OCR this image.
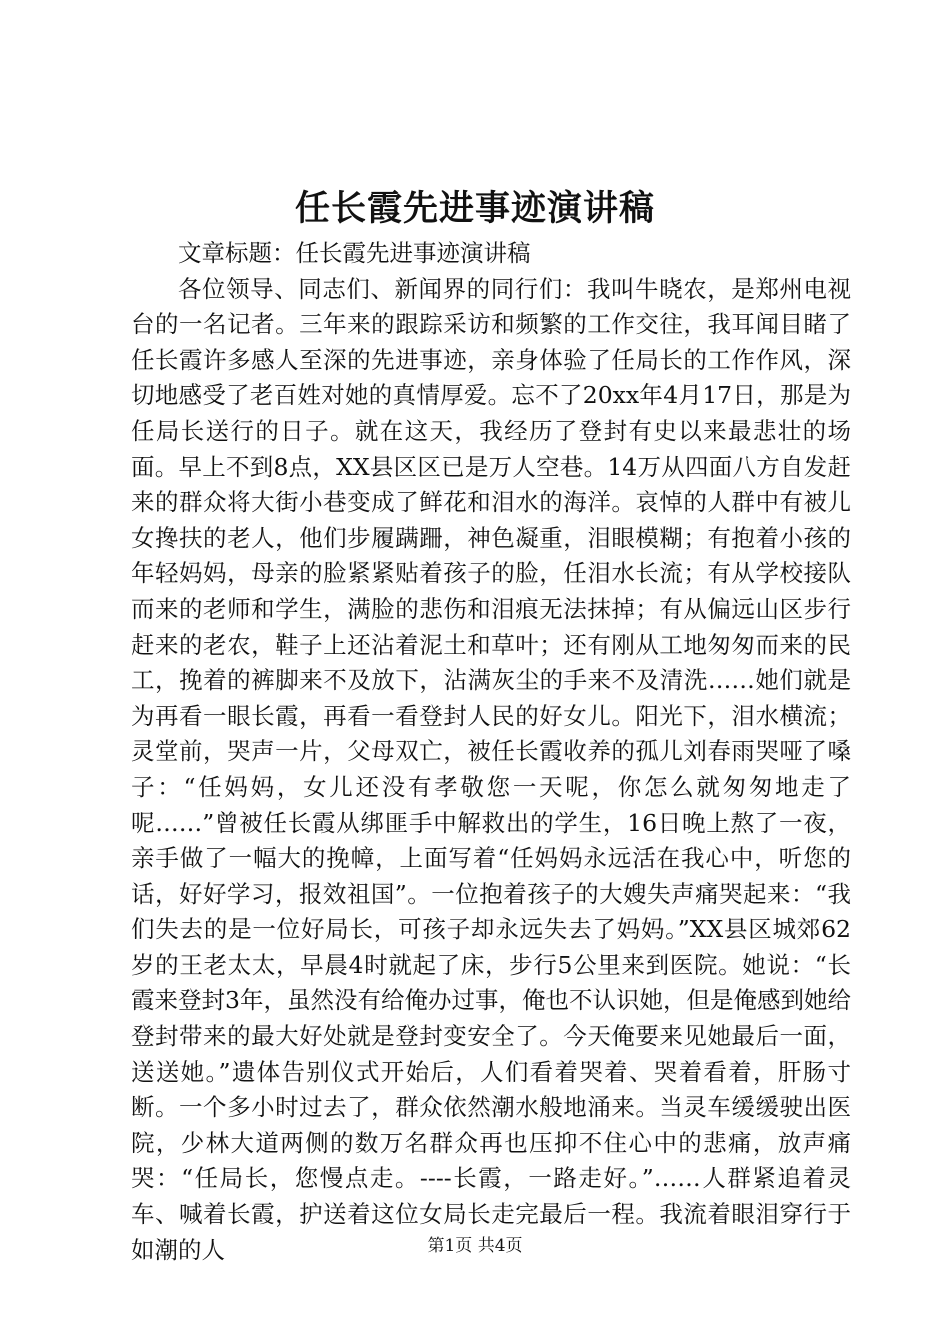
任长霞先进事迹演讲稿

文章标题：任长霞先进事迹演讲稿

各位领导、同志们、新闻界的同行们：我叫牛晓农，是郑州电视台的一名记者。三年来的跟踪采访和频繁的工作交往，我耳闻目睹了任长霞许多感人至深的先进事迹，亲身体验了任局长的工作作风，深切地感受了老百姓对她的真情厚爱。忘不了20xx年4月17日，那是为任局长送行的日子。就在这天，我经历了登封有史以来最悲壮的场面。早上不到8点，XX县区区已是万人空巷。14万从四面八方自发赶来的群众将大街小巷变成了鲜花和泪水的海洋。哀悼的人群中有被儿女搀扶的老人，他们步履蹒跚，神色凝重，泪眼模糊；有抱着小孩的年轻妈妈，母亲的脸紧紧贴着孩子的脸，任泪水长流；有从学校接队而来的老师和学生，满脸的悲伤和泪痕无法抹掉；有从偏远山区步行赶来的老农，鞋子上还沾着泥土和草叶；还有刚从工地匆匆而来的民工，挽着的裤脚来不及放下，沾满灰尘的手来不及清洗……她们就是为再看一眼长霞，再看一看登封人民的好女儿。阳光下，泪水横流；灵堂前，哭声一片，父母双亡，被任长霞收养的孤儿刘春雨哭哑了嗓子：“任妈妈，女儿还没有孝敬您一天呢，你怎么就匆匆地走了呢……”曾被任长霞从绑匪手中解救出的学生，16日晚上熬了一夜，亲手做了一幅大的挽幛，上面写着“任妈妈永远活在我心中，听您的话，好好学习，报效祖国”。一位抱着孩子的大嫂失声痛哭起来：“我们失去的是一位好局长，可孩子却永远失去了妈妈。”XX县区城郊62岁的王老太太，早晨4时就起了床，步行5公里来到医院。她说：“长霞来登封3年，虽然没有给俺办过事，俺也不认识她，但是俺感到她给登封带来的最大好处就是登封变安全了。今天俺要来见她最后一面，送送她。”遗体告别仪式开始后，人们看着哭着、哭着看着，肝肠寸断。一个多小时过去了，群众依然潮水般地涌来。当灵车缓缓驶出医院，少林大道两侧的数万名群众再也压抑不住心中的悲痛，放声痛哭：“任局长，您慢点走。----长霞，一路走好。”……人群紧追着灵车、喊着长霞，护送着这位女局长走完最后一程。我流着眼泪穿行于如潮的人	第1页 共4页
